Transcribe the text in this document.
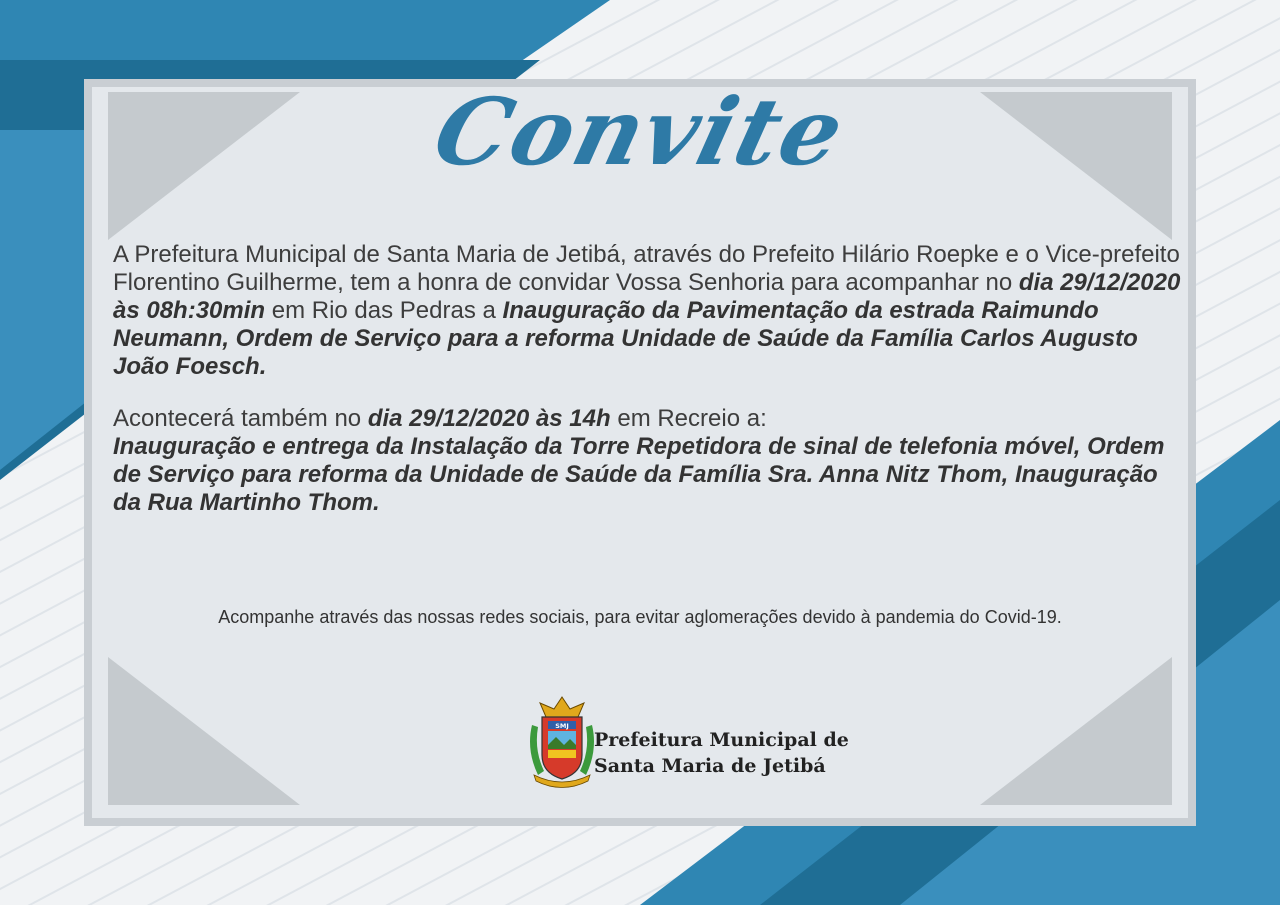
Convite

A Prefeitura Municipal de Santa Maria de Jetibá, através do Prefeito Hilário Roepke e o Vice-prefeito Florentino Guilherme, tem a honra de convidar Vossa Senhoria para acompanhar no dia 29/12/2020 às 08h:30min em Rio das Pedras a Inauguração da Pavimentação da estrada Raimundo Neumann, Ordem de Serviço para a reforma Unidade de Saúde da Família Carlos Augusto João Foesch.

Acontecerá também no dia 29/12/2020 às 14h em Recreio a:
Inauguração e entrega da Instalação da Torre Repetidora de sinal de telefonia móvel, Ordem de Serviço para reforma da Unidade de Saúde da Família Sra. Anna Nitz Thom, Inauguração da Rua Martinho Thom.

Acompanhe através das nossas redes sociais, para evitar aglomerações devido à pandemia do Covid-19.
SMJ
Prefeitura Municipal de
Santa Maria de Jetibá
